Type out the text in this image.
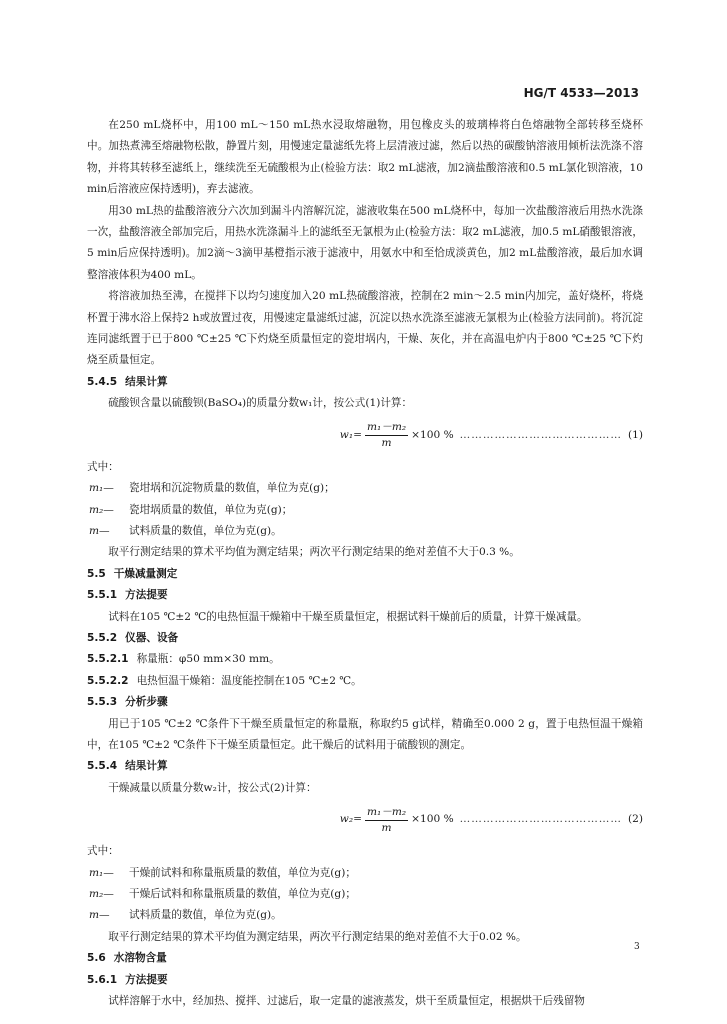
HG/T 4533—2013

在250 mL烧杯中，用100 mL～150 mL热水浸取熔融物，用包橡皮头的玻璃棒将白色熔融物全部转移至烧杯中。加热煮沸至熔融物松散，静置片刻，用慢速定量滤纸先将上层清液过滤，然后以热的碳酸钠溶液用倾析法洗涤不溶物，并将其转移至滤纸上，继续洗至无硫酸根为止(检验方法：取2 mL滤液，加2滴盐酸溶液和0.5 mL氯化钡溶液，10 min后溶液应保持透明)，弃去滤液。

用30 mL热的盐酸溶液分六次加到漏斗内溶解沉淀，滤液收集在500 mL烧杯中，每加一次盐酸溶液后用热水洗涤一次，盐酸溶液全部加完后，用热水洗涤漏斗上的滤纸至无氯根为止(检验方法：取2 mL滤液，加0.5 mL硝酸银溶液，5 min后应保持透明)。加2滴～3滴甲基橙指示液于滤液中，用氨水中和至恰成淡黄色，加2 mL盐酸溶液，最后加水调整溶液体积为400 mL。

将溶液加热至沸，在搅拌下以均匀速度加入20 mL热硫酸溶液，控制在2 min～2.5 min内加完，盖好烧杯，将烧杯置于沸水浴上保持2 h或放置过夜，用慢速定量滤纸过滤，沉淀以热水洗涤至滤液无氯根为止(检验方法同前)。将沉淀连同滤纸置于已于800 ℃±25 ℃下灼烧至质量恒定的瓷坩埚内，干燥、灰化，并在高温电炉内于800 ℃±25 ℃下灼烧至质量恒定。

5.4.5 结果计算

硫酸钡含量以硫酸钡(BaSO₄)的质量分数w₁计，按公式(1)计算：

$w_1= \frac{\text{m₁－m₂}}{m} \times 100$ % …………………………………… (1)

式中：

m₁—	瓷坩埚和沉淀物质量的数值，单位为克(g)；
m₂—	瓷坩埚质量的数值，单位为克(g)；
m—	试料质量的数值，单位为克(g)。

取平行测定结果的算术平均值为测定结果；两次平行测定结果的绝对差值不大于0.3 %。

5.5 干燥减量测定

5.5.1 方法提要

试料在105 ℃±2 ℃的电热恒温干燥箱中干燥至质量恒定，根据试料干燥前后的质量，计算干燥减量。

5.5.2 仪器、设备

5.5.2.1 称量瓶：φ50 mm×30 mm。

5.5.2.2 电热恒温干燥箱：温度能控制在105 ℃±2 ℃。

5.5.3 分析步骤

用已于105 ℃±2 ℃条件下干燥至质量恒定的称量瓶，称取约5 g试样，精确至0.000 2 g，置于电热恒温干燥箱中，在105 ℃±2 ℃条件下干燥至质量恒定。此干燥后的试料用于硫酸钡的测定。

5.5.4 结果计算

干燥减量以质量分数w₂计，按公式(2)计算：

$w_2= \frac{\text{m₁－m₂}}{m} \times 100$ % …………………………………… (2)

式中：

m₁—	干燥前试料和称量瓶质量的数值，单位为克(g)；
m₂—	干燥后试料和称量瓶质量的数值，单位为克(g)；
m—	试料质量的数值，单位为克(g)。

取平行测定结果的算术平均值为测定结果，两次平行测定结果的绝对差值不大于0.02 %。

5.6 水溶物含量

5.6.1 方法提要

试样溶解于水中，经加热、搅拌、过滤后，取一定量的滤液蒸发，烘干至质量恒定，根据烘干后残留物

3
